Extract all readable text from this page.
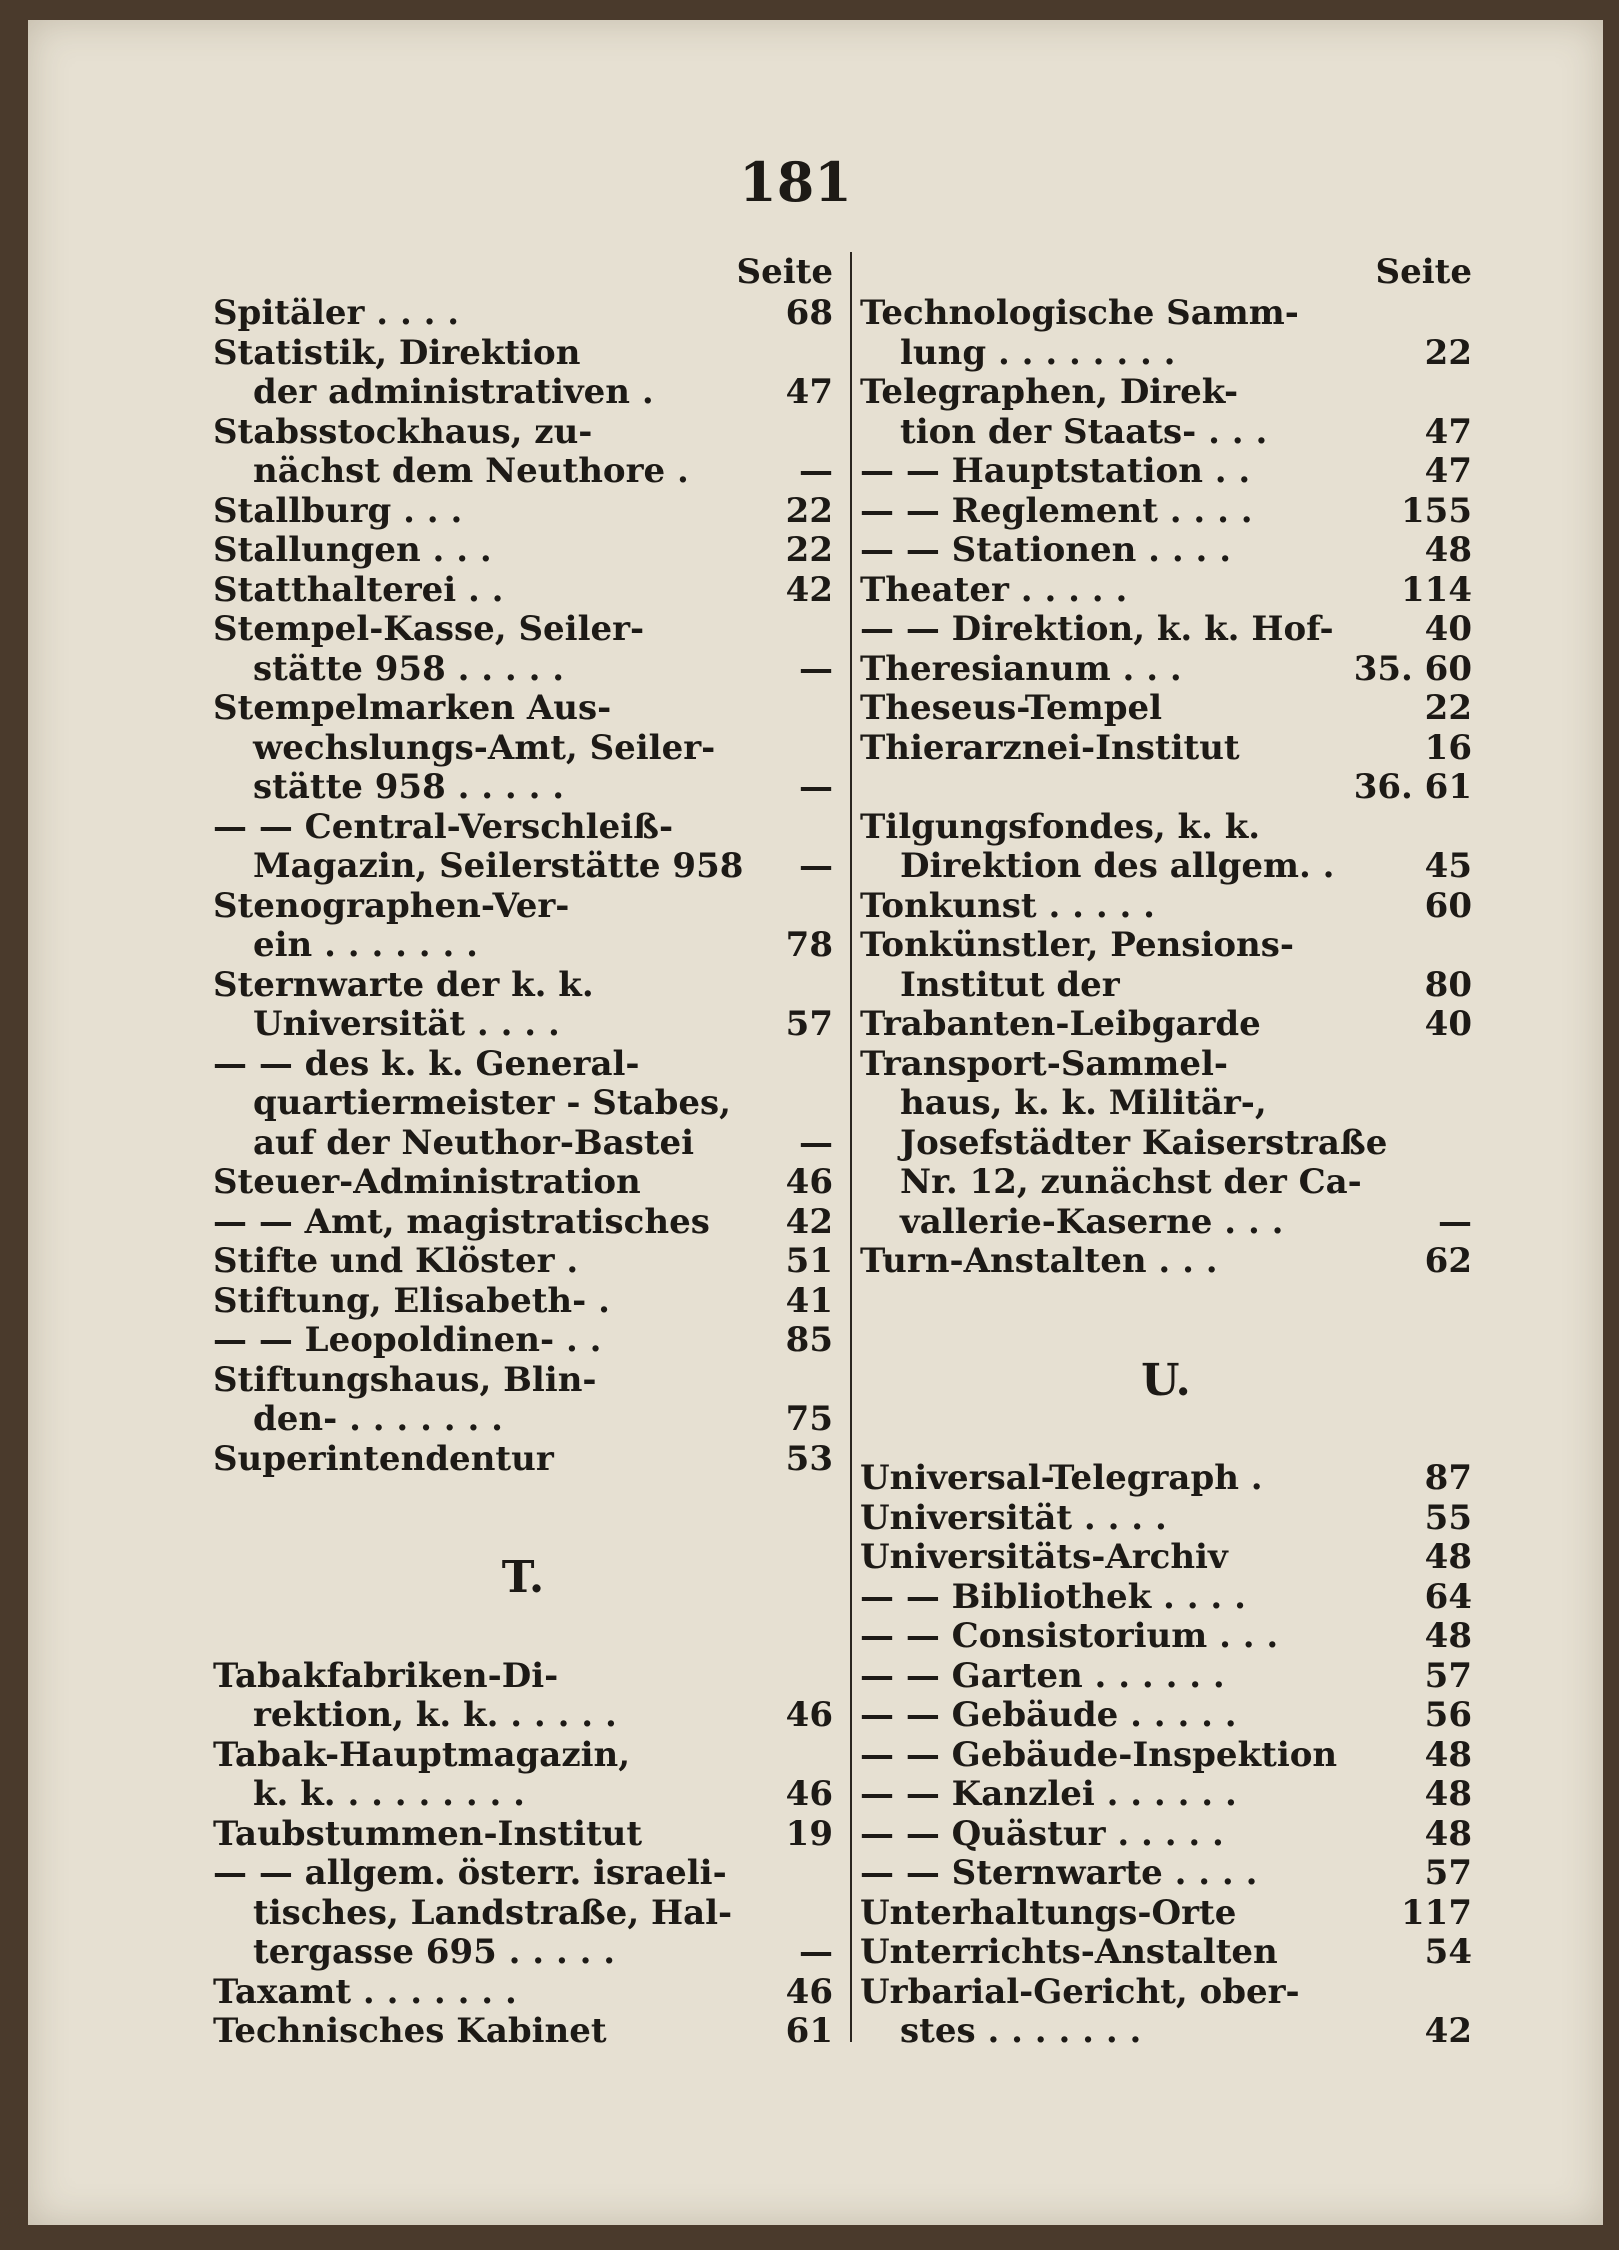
181
Seite
Spitäler . . . .	68
Statistik, Direktion
der administrativen .	47
Stabsstockhaus, zu-
nächst dem Neuthore .	—
Stallburg . . .	22
Stallungen . . .	22
Statthalterei . .	42
Stempel-Kasse, Seiler-
stätte 958 . . . . .	—
Stempelmarken Aus-
wechslungs-Amt, Seiler-
stätte 958 . . . . .	—
— — Central-Verschleiß-
Magazin, Seilerstätte 958 —
Stenographen-Ver-
ein . . . . . . .	78
Sternwarte der k. k.
Universität . . . .	57
— — des k. k. General-
quartiermeister - Stabes,
auf der Neuthor-Bastei	—
Steuer-Administration	46
— — Amt, magistratisches 42
Stifte und Klöster .	51
Stiftung, Elisabeth- .	41
— — Leopoldinen- . .	85
Stiftungshaus, Blin-
den- . . . . . . .	75
Superintendentur	53
T.
Tabakfabriken-Di-
rektion, k. k. . . . . .	46
Tabak-Hauptmagazin,
k. k. . . . . . . . .	46
Taubstummen-Institut	19
— — allgem. österr. israeli-
tisches, Landstraße, Hal-
tergasse 695 . . . . .	—
Taxamt . . . . . . .	46
Technisches Kabinet	61
Seite
Technologische Samm-
lung . . . . . . . .	22
Telegraphen, Direk-
tion der Staats- . . .	47
— — Hauptstation . .	47
— — Reglement . . . .	155
— — Stationen . . . .	48
Theater . . . . .	114
— — Direktion, k. k. Hof-	40
Theresianum . . .	35. 60
Theseus-Tempel	22
Thierarznei-Institut	16
36. 61
Tilgungsfondes, k. k.
Direktion des allgem. .	45
Tonkunst . . . . .	60
Tonkünstler, Pensions-
Institut der	80
Trabanten-Leibgarde	40
Transport-Sammel-
haus, k. k. Militär-,
Josefstädter Kaiserstraße
Nr. 12, zunächst der Ca-
vallerie-Kaserne . . .	—
Turn-Anstalten . . .	62
U.
Universal-Telegraph .	87
Universität . . . .	55
Universitäts-Archiv	48
— — Bibliothek . . . .	64
— — Consistorium . . .	48
— — Garten . . . . . .	57
— — Gebäude . . . . .	56
— — Gebäude-Inspektion	48
— — Kanzlei . . . . . .	48
— — Quästur . . . . .	48
— — Sternwarte . . . .	57
Unterhaltungs-Orte	117
Unterrichts-Anstalten	54
Urbarial-Gericht, ober-
stes . . . . . . .	42
